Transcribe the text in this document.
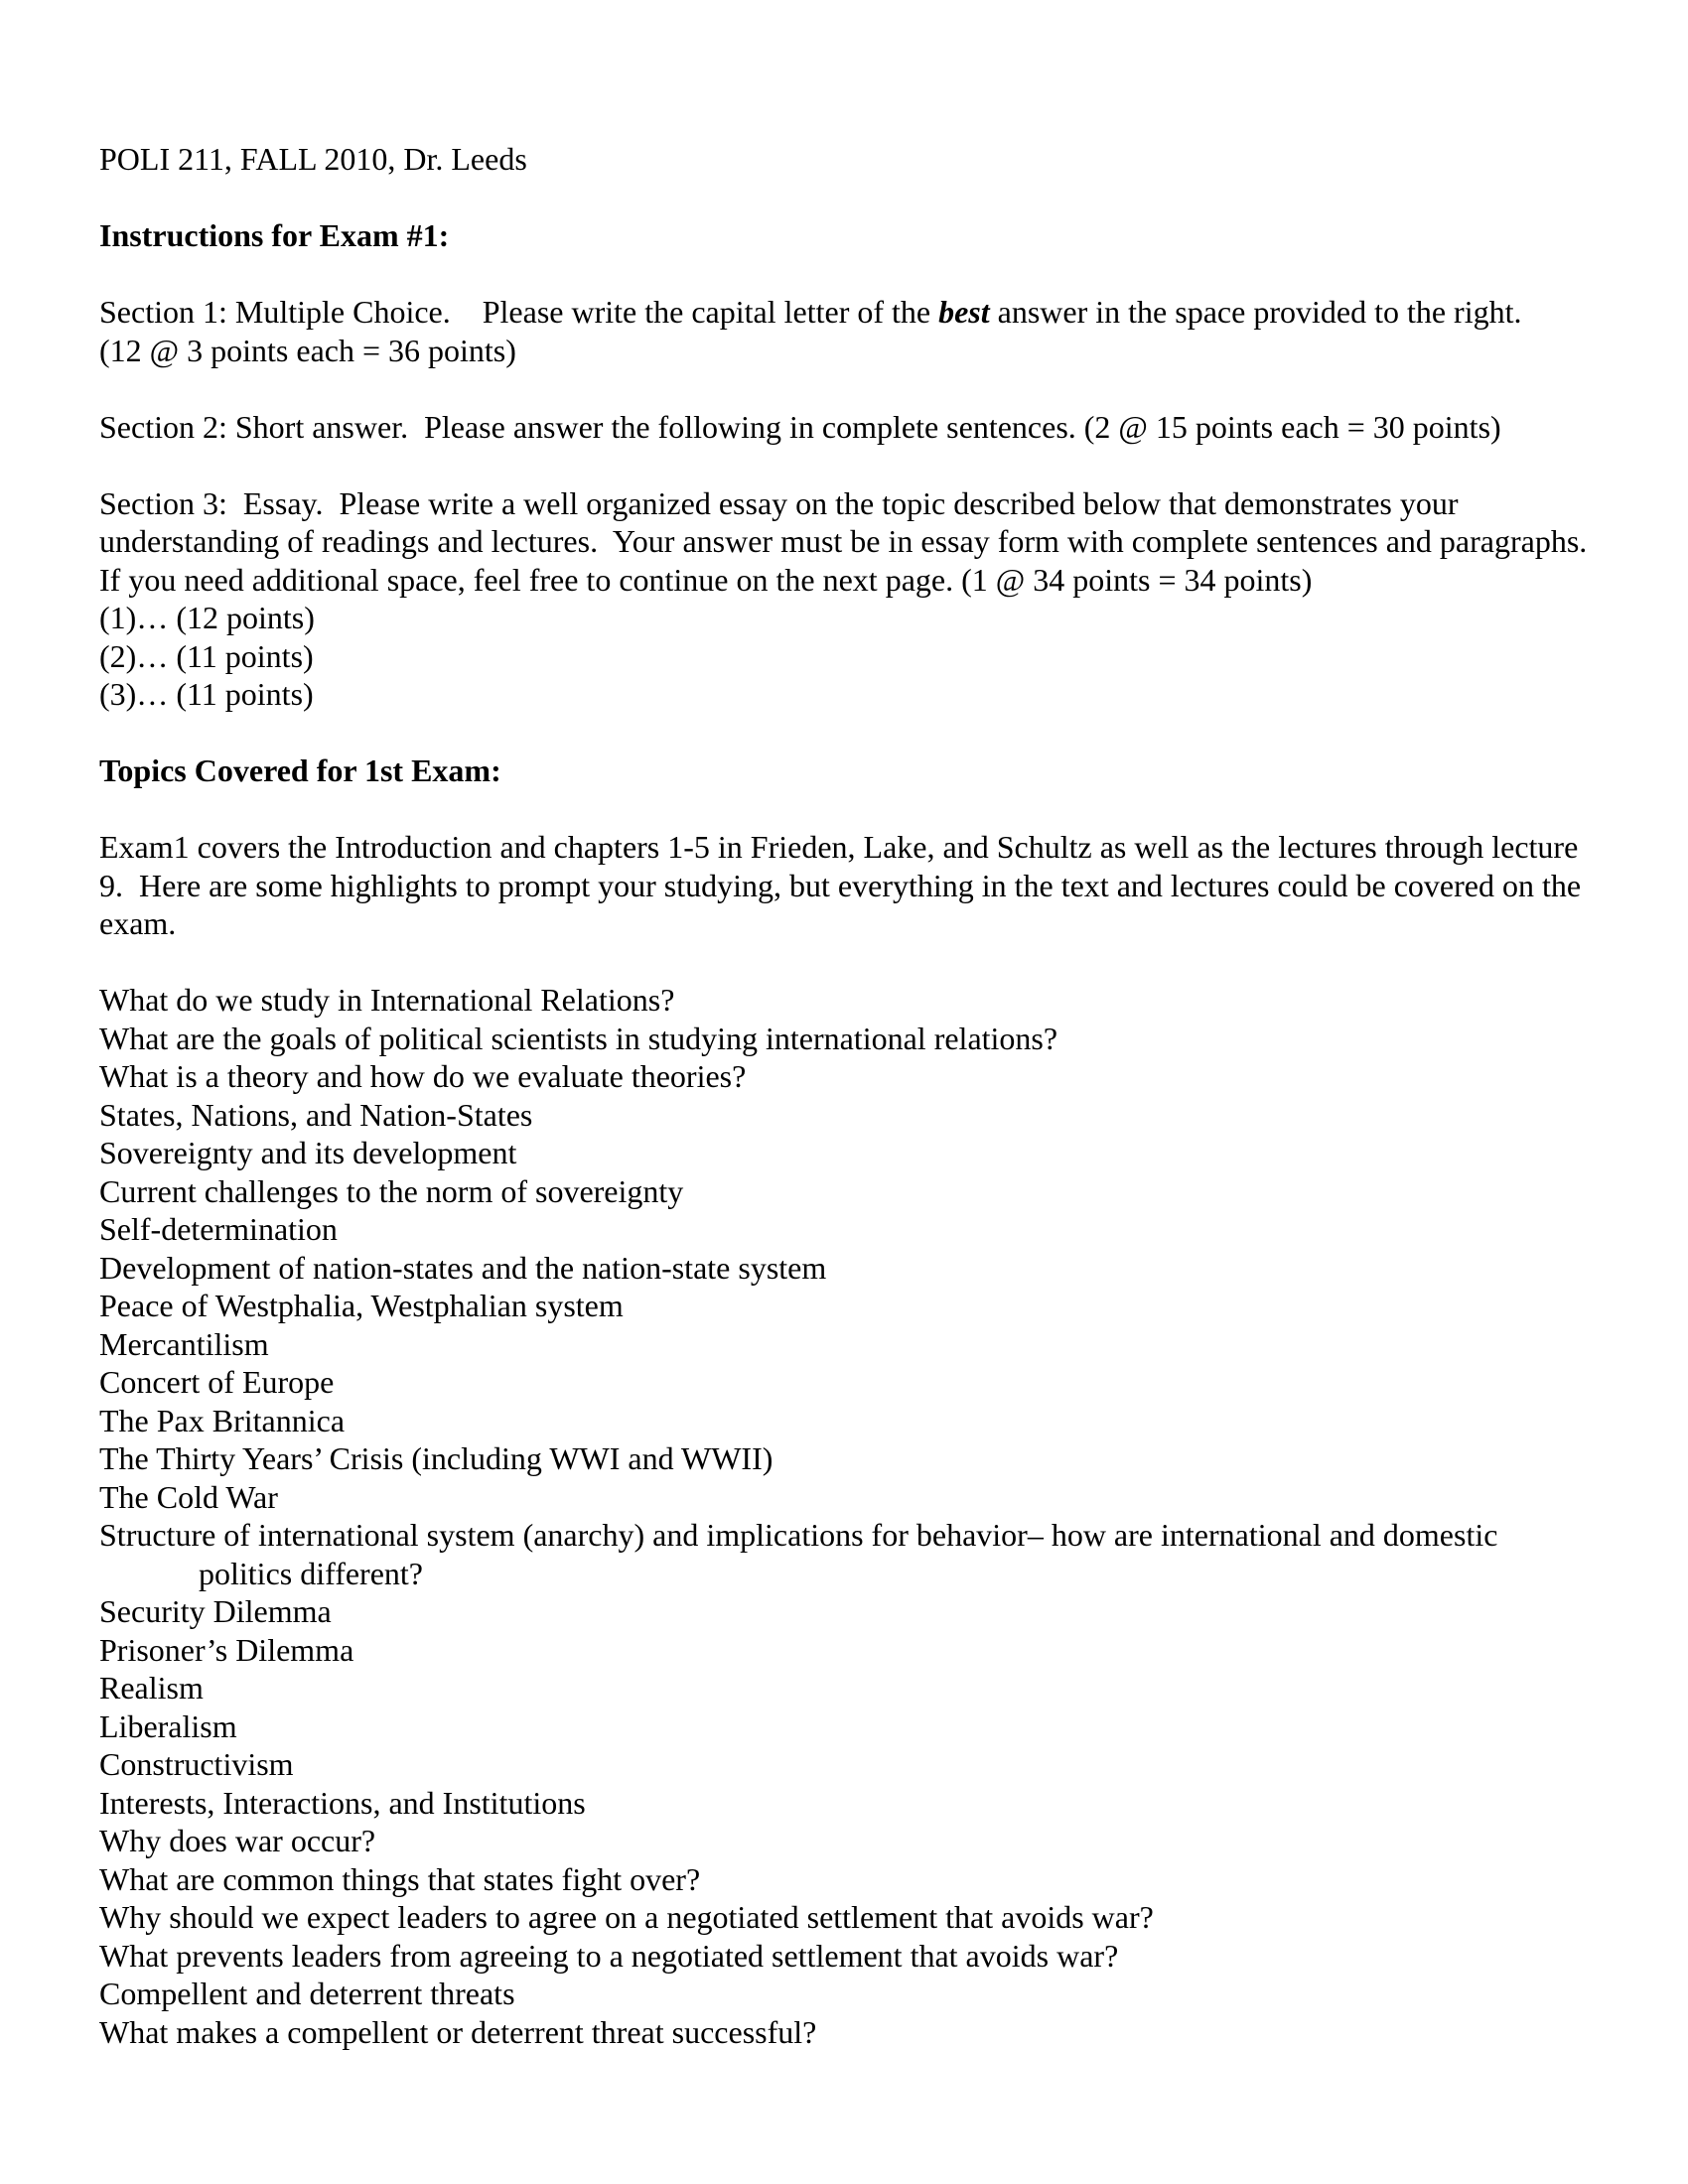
POLI 211, FALL 2010, Dr. Leeds

Instructions for Exam #1:

Section 1: Multiple Choice. Please write the capital letter of the best answer in the space provided to the right.

(12 @ 3 points each = 36 points)

Section 2: Short answer.  Please answer the following in complete sentences. (2 @ 15 points each = 30 points)

Section 3:  Essay.  Please write a well organized essay on the topic described below that demonstrates your understanding of readings and lectures.  Your answer must be in essay form with complete sentences and paragraphs.  If you need additional space, feel free to continue on the next page. (1 @ 34 points = 34 points)

(1)… (12 points)

(2)… (11 points)

(3)… (11 points)

Topics Covered for 1st Exam:

Exam1 covers the Introduction and chapters 1-5 in Frieden, Lake, and Schultz as well as the lectures through lecture 9.  Here are some highlights to prompt your studying, but everything in the text and lectures could be covered on the exam.

What do we study in International Relations?

What are the goals of political scientists in studying international relations?

What is a theory and how do we evaluate theories?

States, Nations, and Nation-States

Sovereignty and its development

Current challenges to the norm of sovereignty

Self-determination

Development of nation-states and the nation-state system

Peace of Westphalia, Westphalian system

Mercantilism

Concert of Europe

The Pax Britannica

The Thirty Years’ Crisis (including WWI and WWII)

The Cold War

Structure of international system (anarchy) and implications for behavior– how are international and domestic politics different?

Security Dilemma

Prisoner’s Dilemma

Realism

Liberalism

Constructivism

Interests, Interactions, and Institutions

Why does war occur?

What are common things that states fight over?

Why should we expect leaders to agree on a negotiated settlement that avoids war?

What prevents leaders from agreeing to a negotiated settlement that avoids war?

Compellent and deterrent threats

What makes a compellent or deterrent threat successful?
